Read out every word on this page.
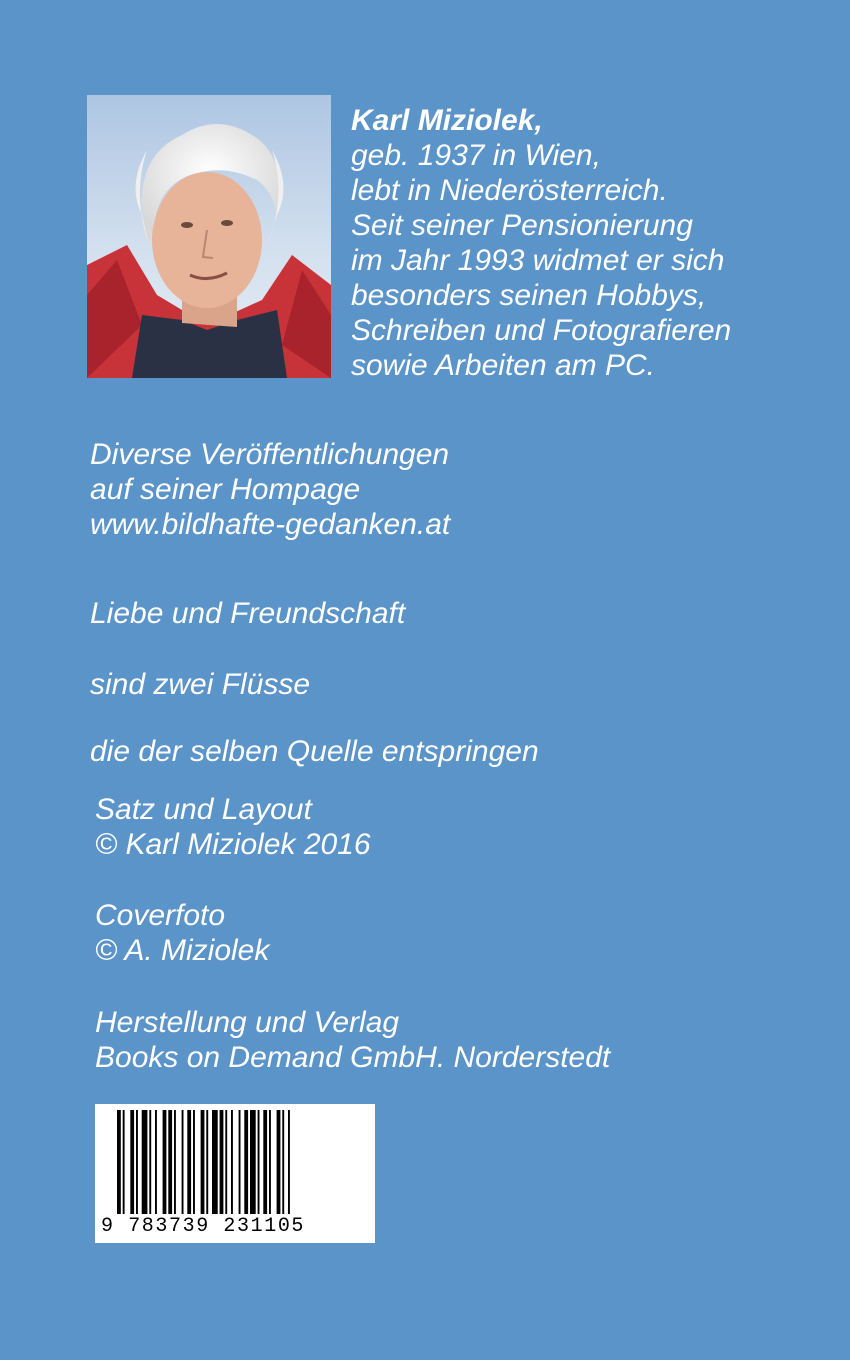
Karl Miziolek,
geb. 1937 in Wien,
lebt in Niederösterreich.
Seit seiner Pensionierung
im Jahr 1993 widmet er sich
besonders seinen Hobbys,
Schreiben und Fotografieren
sowie Arbeiten am PC.
Diverse Veröffentlichungen
auf seiner Hompage
www.bildhafte-gedanken.at
Liebe und Freundschaft
sind zwei Flüsse
die der selben Quelle entspringen
Satz und Layout
© Karl Miziolek 2016
Coverfoto
© A. Miziolek
Herstellung und Verlag
Books on Demand GmbH. Norderstedt
9 783739 231105
